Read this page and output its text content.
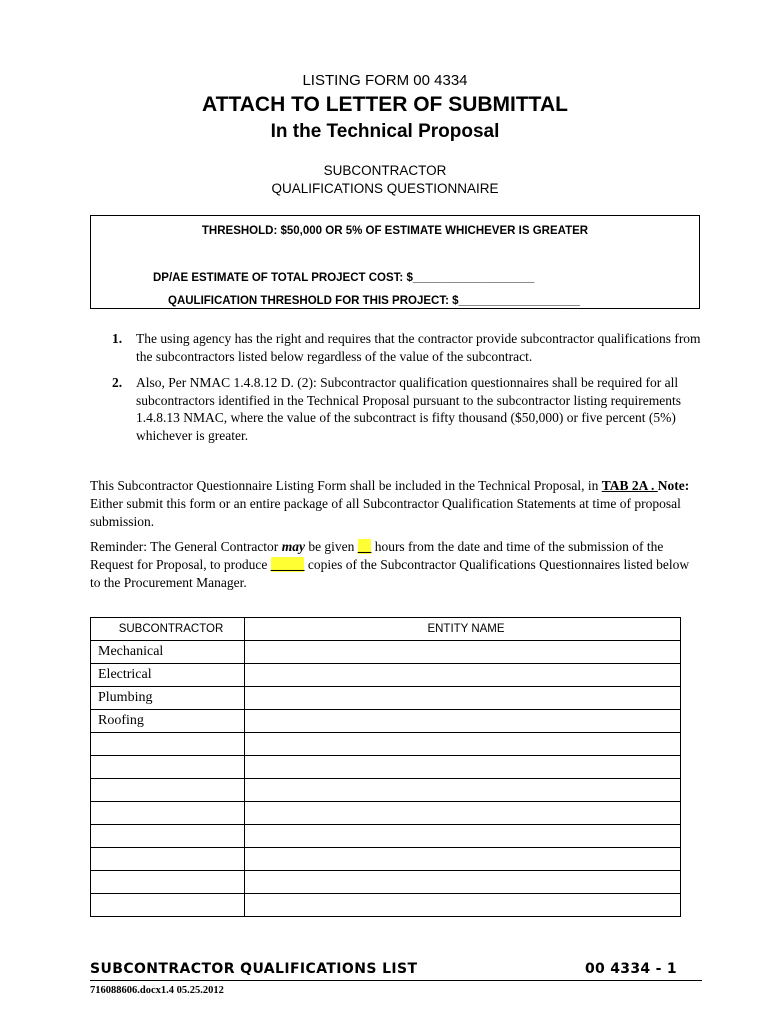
LISTING FORM 00 4334

ATTACH TO LETTER OF SUBMITTAL

In the Technical Proposal

SUBCONTRACTOR

QUALIFICATIONS QUESTIONNAIRE

THRESHOLD: $50,000 OR 5% OF ESTIMATE WHICHEVER IS GREATER
DP/AE ESTIMATE OF TOTAL PROJECT COST: $___________________
QAULIFICATION THRESHOLD FOR THIS PROJECT: $___________________
1. The using agency has the right and requires that the contractor provide subcontractor qualifications from the subcontractors listed below regardless of the value of the subcontract.
2. Also, Per NMAC 1.4.8.12 D. (2): Subcontractor qualification questionnaires shall be required for all subcontractors identified in the Technical Proposal pursuant to the subcontractor listing requirements 1.4.8.13 NMAC, where the value of the subcontract is fifty thousand ($50,000) or five percent (5%) whichever is greater.

This Subcontractor Questionnaire Listing Form shall be included in the Technical Proposal, in TAB 2A . Note: Either submit this form or an entire package of all Subcontractor Qualification Statements at time of proposal submission.

Reminder: The General Contractor may be given __ hours from the date and time of the submission of the Request for Proposal, to produce _____ copies of the Subcontractor Qualifications Questionnaires listed below to the Procurement Manager.

SUBCONTRACTOR	ENTITY NAME
Mechanical	
Electrical	
Plumbing	
Roofing	

SUBCONTRACTOR QUALIFICATIONS LIST	00 4334 - 1
716088606.docx1.4 05.25.2012
